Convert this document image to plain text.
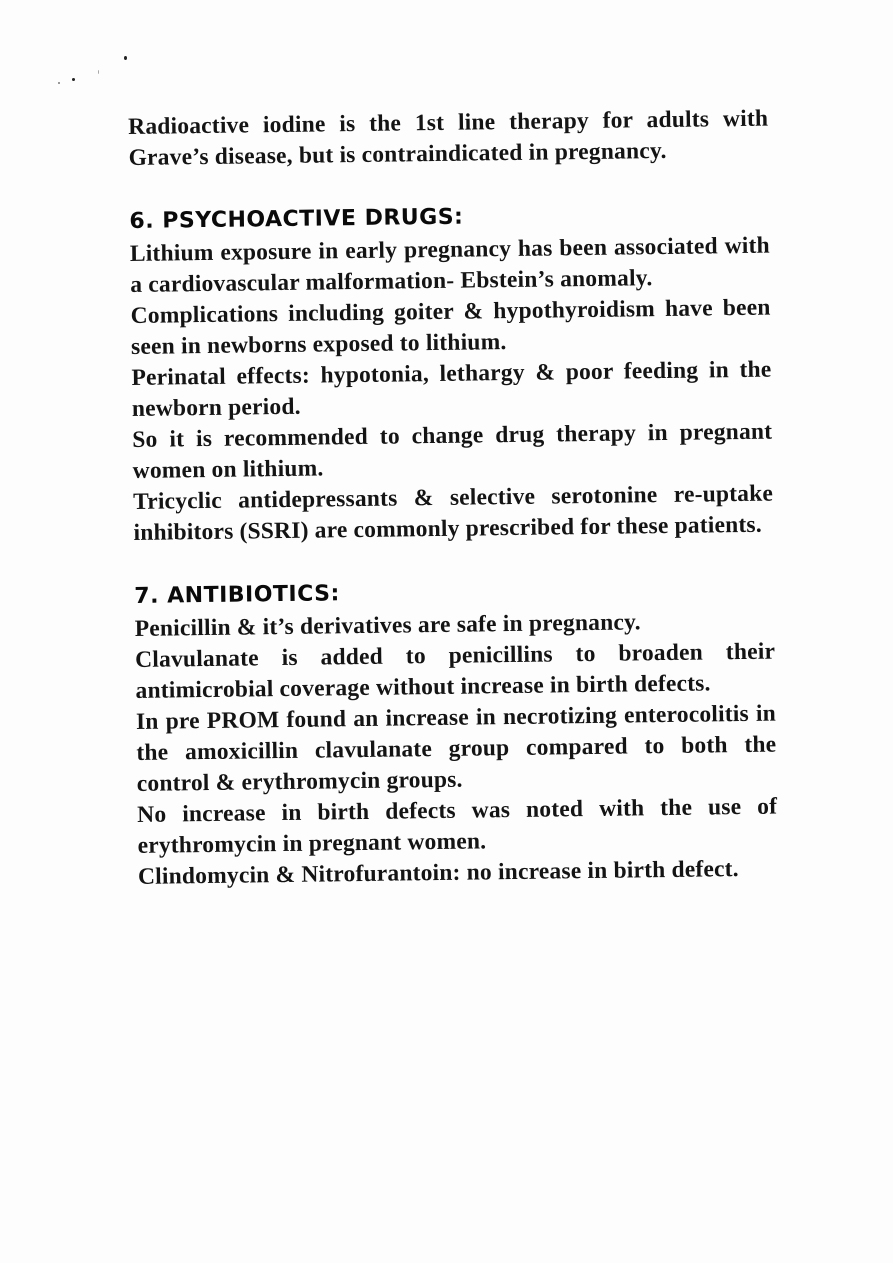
Radioactive iodine is the 1st line therapy for adults with Grave’s disease, but is contraindicated in pregnancy.

6. PSYCHOACTIVE DRUGS:

Lithium exposure in early pregnancy has been associated with a cardiovascular malformation- Ebstein’s anomaly.

Complications including goiter & hypothyroidism have been seen in newborns exposed to lithium.

Perinatal effects: hypotonia, lethargy & poor feeding in the newborn period.

So it is recommended to change drug therapy in pregnant women on lithium.

Tricyclic antidepressants & selective serotonine re-uptake inhibitors (SSRI) are commonly prescribed for these patients.

7. ANTIBIOTICS:

Penicillin & it’s derivatives are safe in pregnancy.

Clavulanate is added to penicillins to broaden their antimicrobial coverage without increase in birth defects.

In pre PROM found an increase in necrotizing enterocolitis in the amoxicillin clavulanate group compared to both the control & erythromycin groups.

No increase in birth defects was noted with the use of erythromycin in pregnant women.

Clindomycin & Nitrofurantoin: no increase in birth defect.
